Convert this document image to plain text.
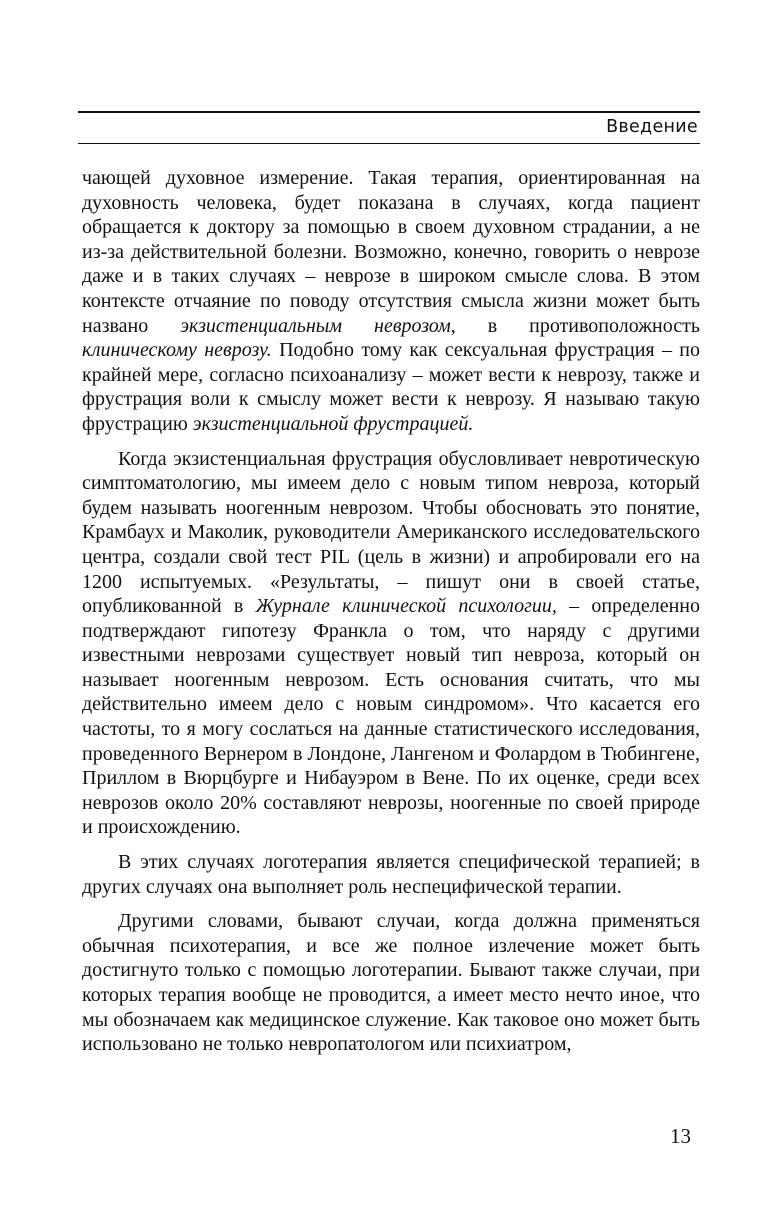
Введение

чающей духовное измерение. Такая терапия, ориентированная на духовность человека, будет показана в случаях, когда пациент обращается к доктору за помощью в своем духовном страдании, а не из-за действительной болезни. Возможно, конечно, говорить о неврозе даже и в таких случаях – неврозе в широком смысле слова. В этом контексте отчаяние по поводу отсутствия смысла жизни может быть названо экзистенциальным неврозом, в противоположность клиническому неврозу. Подобно тому как сексуальная фрустрация – по крайней мере, согласно психоанализу – может вести к неврозу, также и фрустрация воли к смыслу может вести к неврозу. Я называю такую фрустрацию экзистенциальной фрустрацией.

Когда экзистенциальная фрустрация обусловливает невротическую симптоматологию, мы имеем дело с новым типом невроза, который будем называть ноогенным неврозом. Чтобы обосновать это понятие, Крамбаух и Маколик, руководители Американского исследовательского центра, создали свой тест PIL (цель в жизни) и апробировали его на 1200 испытуемых. «Результаты, – пишут они в своей статье, опубликованной в Журнале клинической психологии, – определенно подтверждают гипотезу Франкла о том, что наряду с другими известными неврозами существует новый тип невроза, который он называет ноогенным неврозом. Есть основания считать, что мы действительно имеем дело с новым синдромом». Что касается его частоты, то я могу сослаться на данные статистического исследования, проведенного Вернером в Лондоне, Лангеном и Фолардом в Тюбингене, Приллом в Вюрцбурге и Нибауэром в Вене. По их оценке, среди всех неврозов около 20% составляют неврозы, ноогенные по своей природе и происхождению.

В этих случаях логотерапия является специфической терапией; в других случаях она выполняет роль неспецифической терапии.

Другими словами, бывают случаи, когда должна применяться обычная психотерапия, и все же полное излечение может быть достигнуто только с помощью логотерапии. Бывают также случаи, при которых терапия вообще не проводится, а имеет место нечто иное, что мы обозначаем как медицинское служение. Как таковое оно может быть использовано не только невропатологом или психиатром,

13
